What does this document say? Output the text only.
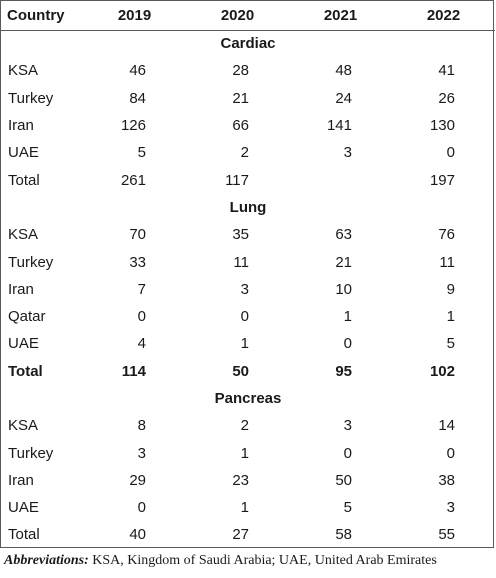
Country	2019	2020	2021	2022
Cardiac				
KSA	46	28	48	41
Turkey	84	21	24	26
Iran	126	66	141	130
UAE	5	2	3	0
Total	261	117		197
Lung				
KSA	70	35	63	76
Turkey	33	11	21	11
Iran	7	3	10	9
Qatar	0	0	1	1
UAE	4	1	0	5
Total	114	50	95	102
Pancreas				
KSA	8	2	3	14
Turkey	3	1	0	0
Iran	29	23	50	38
UAE	0	1	5	3
Total	40	27	58	55
Abbreviations: KSA, Kingdom of Saudi Arabia; UAE, United Arab Emirates
